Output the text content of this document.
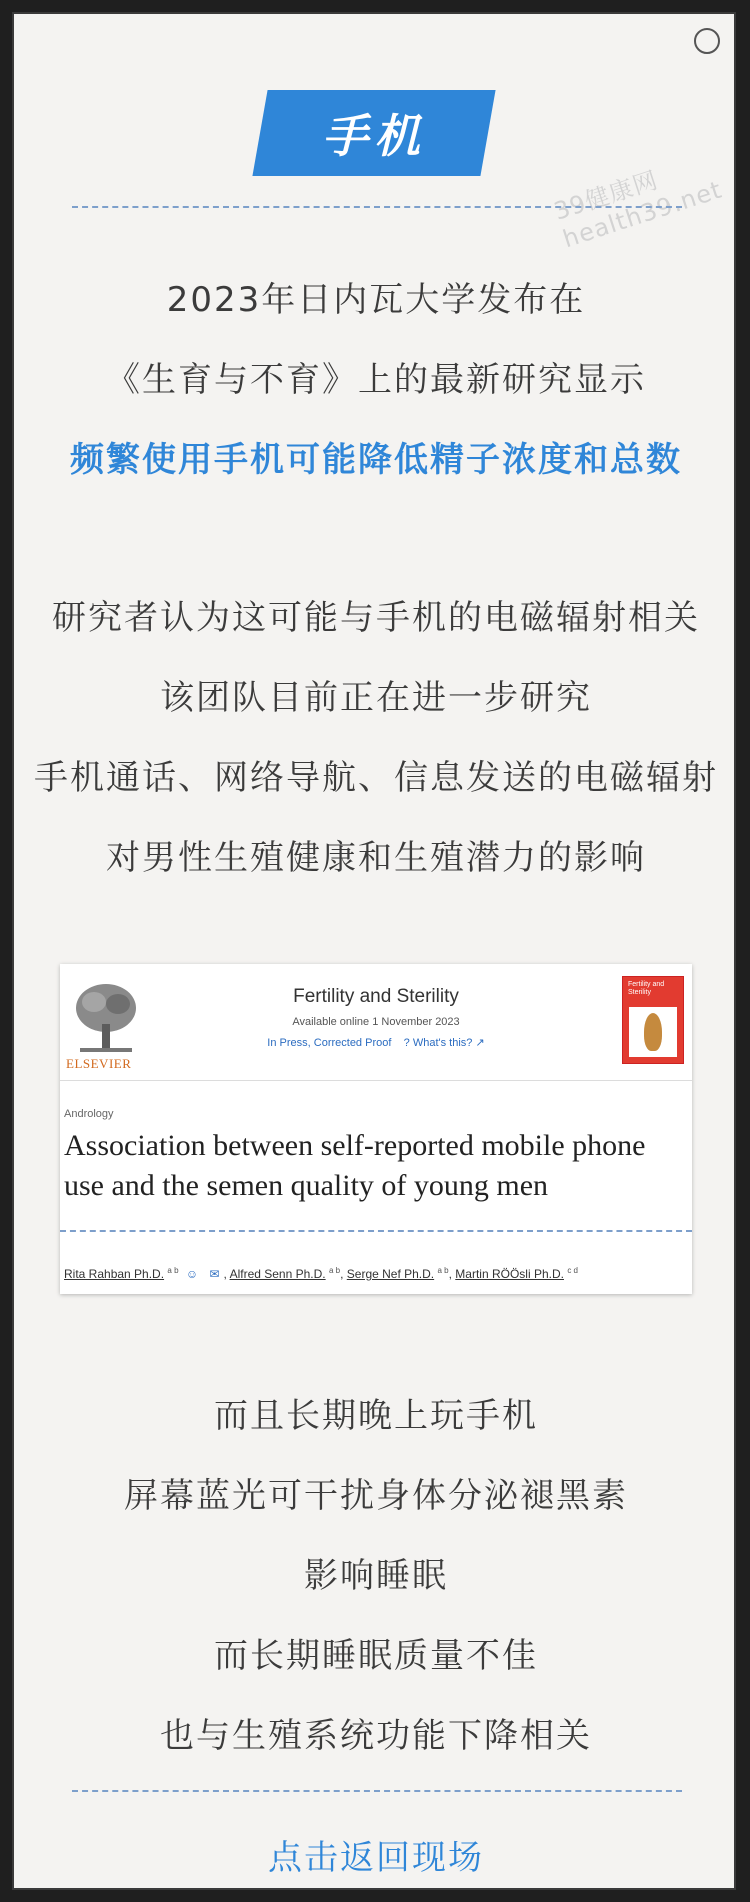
手机
39健康网 health39.net
2023年日内瓦大学发布在
《生育与不育》上的最新研究显示
频繁使用手机可能降低精子浓度和总数
研究者认为这可能与手机的电磁辐射相关
该团队目前正在进一步研究
手机通话、网络导航、信息发送的电磁辐射
对男性生殖健康和生殖潜力的影响
ELSEVIER
Fertility and Sterility
Available online 1 November 2023
In Press, Corrected Proof ? What's this? ↗
Fertility and Sterility
Andrology
Association between self-reported mobile phone use and the semen quality of young men
Rita Rahban Ph.D. $^{a b}$ ☺ ✉ , Alfred Senn Ph.D. $^{a b}$, Serge Nef Ph.D. $^{a b}$, Martin RÖÖsli Ph.D. $^{c d}$
而且长期晚上玩手机
屏幕蓝光可干扰身体分泌褪黑素
影响睡眠
而长期睡眠质量不佳
也与生殖系统功能下降相关
点击返回现场
